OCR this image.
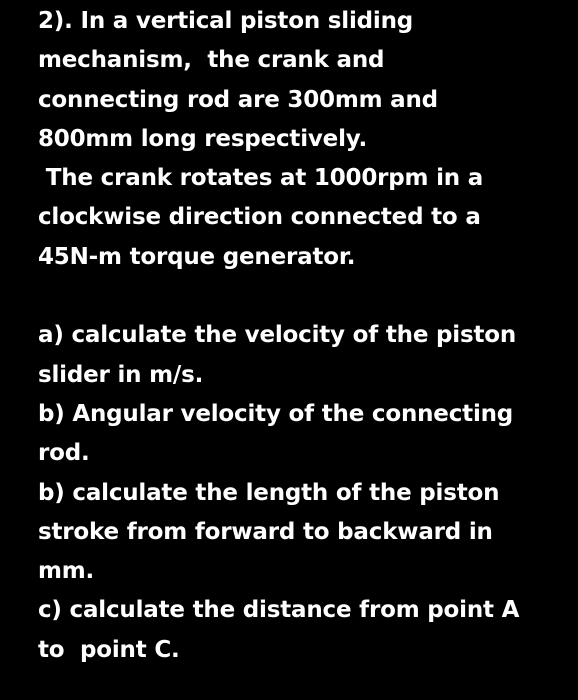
2). In a vertical piston sliding
mechanism,  the crank and
connecting rod are 300mm and
800mm long respectively.
The crank rotates at 1000rpm in a
clockwise direction connected to a
45N-m torque generator.
a) calculate the velocity of the piston
slider in m/s.
b) Angular velocity of the connecting
rod.
b) calculate the length of the piston
stroke from forward to backward in
mm.
c) calculate the distance from point A
to  point C.
